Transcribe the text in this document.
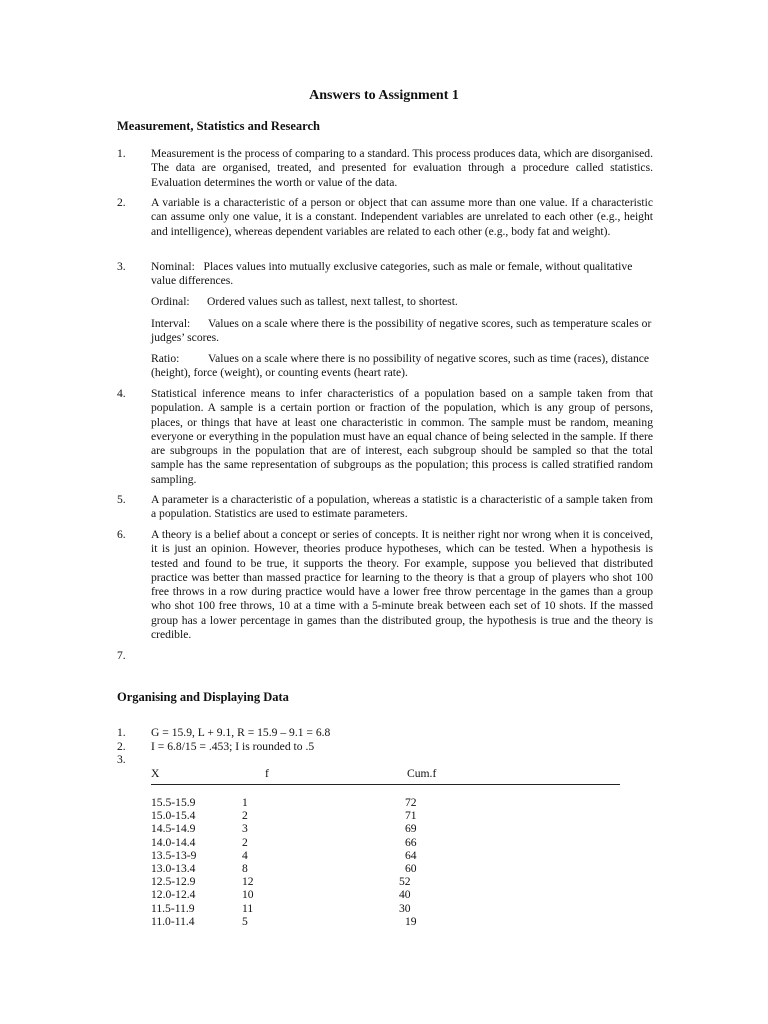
Answers to Assignment 1
Measurement, Statistics and Research
1.	Measurement is the process of comparing to a standard. This process produces data, which are disorganised. The data are organised, treated, and presented for evaluation through a procedure called statistics. Evaluation determines the worth or value of the data.
2.	A variable is a characteristic of a person or object that can assume more than one value. If a characteristic can assume only one value, it is a constant. Independent variables are unrelated to each other (e.g., height and intelligence), whereas dependent variables are related to each other (e.g., body fat and weight).
3.	Nominal: Places values into mutually exclusive categories, such as male or female, without qualitative value differences.
Ordinal: Ordered values such as tallest, next tallest, to shortest.
Interval: Values on a scale where there is the possibility of negative scores, such as temperature scales or judges’ scores.
Ratio: Values on a scale where there is no possibility of negative scores, such as time (races), distance (height), force (weight), or counting events (heart rate).
4.	Statistical inference means to infer characteristics of a population based on a sample taken from that population. A sample is a certain portion or fraction of the population, which is any group of persons, places, or things that have at least one characteristic in common. The sample must be random, meaning everyone or everything in the population must have an equal chance of being selected in the sample. If there are subgroups in the population that are of interest, each subgroup should be sampled so that the total sample has the same representation of subgroups as the population; this process is called stratified random sampling.
5.	A parameter is a characteristic of a population, whereas a statistic is a characteristic of a sample taken from a population. Statistics are used to estimate parameters.
6.	A theory is a belief about a concept or series of concepts. It is neither right nor wrong when it is conceived, it is just an opinion. However, theories produce hypotheses, which can be tested. When a hypothesis is tested and found to be true, it supports the theory. For example, suppose you believed that distributed practice was better than massed practice for learning to the theory is that a group of players who shot 100 free throws in a row during practice would have a lower free throw percentage in the games than a group who shot 100 free throws, 10 at a time with a 5-minute break between each set of 10 shots. If the massed group has a lower percentage in games than the distributed group, the hypothesis is true and the theory is credible.
7.
Organising and Displaying Data
1. G = 15.9, L + 9.1, R = 15.9 – 9.1 = 6.8
2. I = 6.8/15 = .453; I is rounded to .5
3.
X	f	Cum.f
15.5-15.9	1	72
15.0-15.4	2	71
14.5-14.9	3	69
14.0-14.4	2	66
13.5-13-9	4	64
13.0-13.4	8	60
12.5-12.9	12	52
12.0-12.4	10	40
11.5-11.9	11	30
11.0-11.4	5	19
